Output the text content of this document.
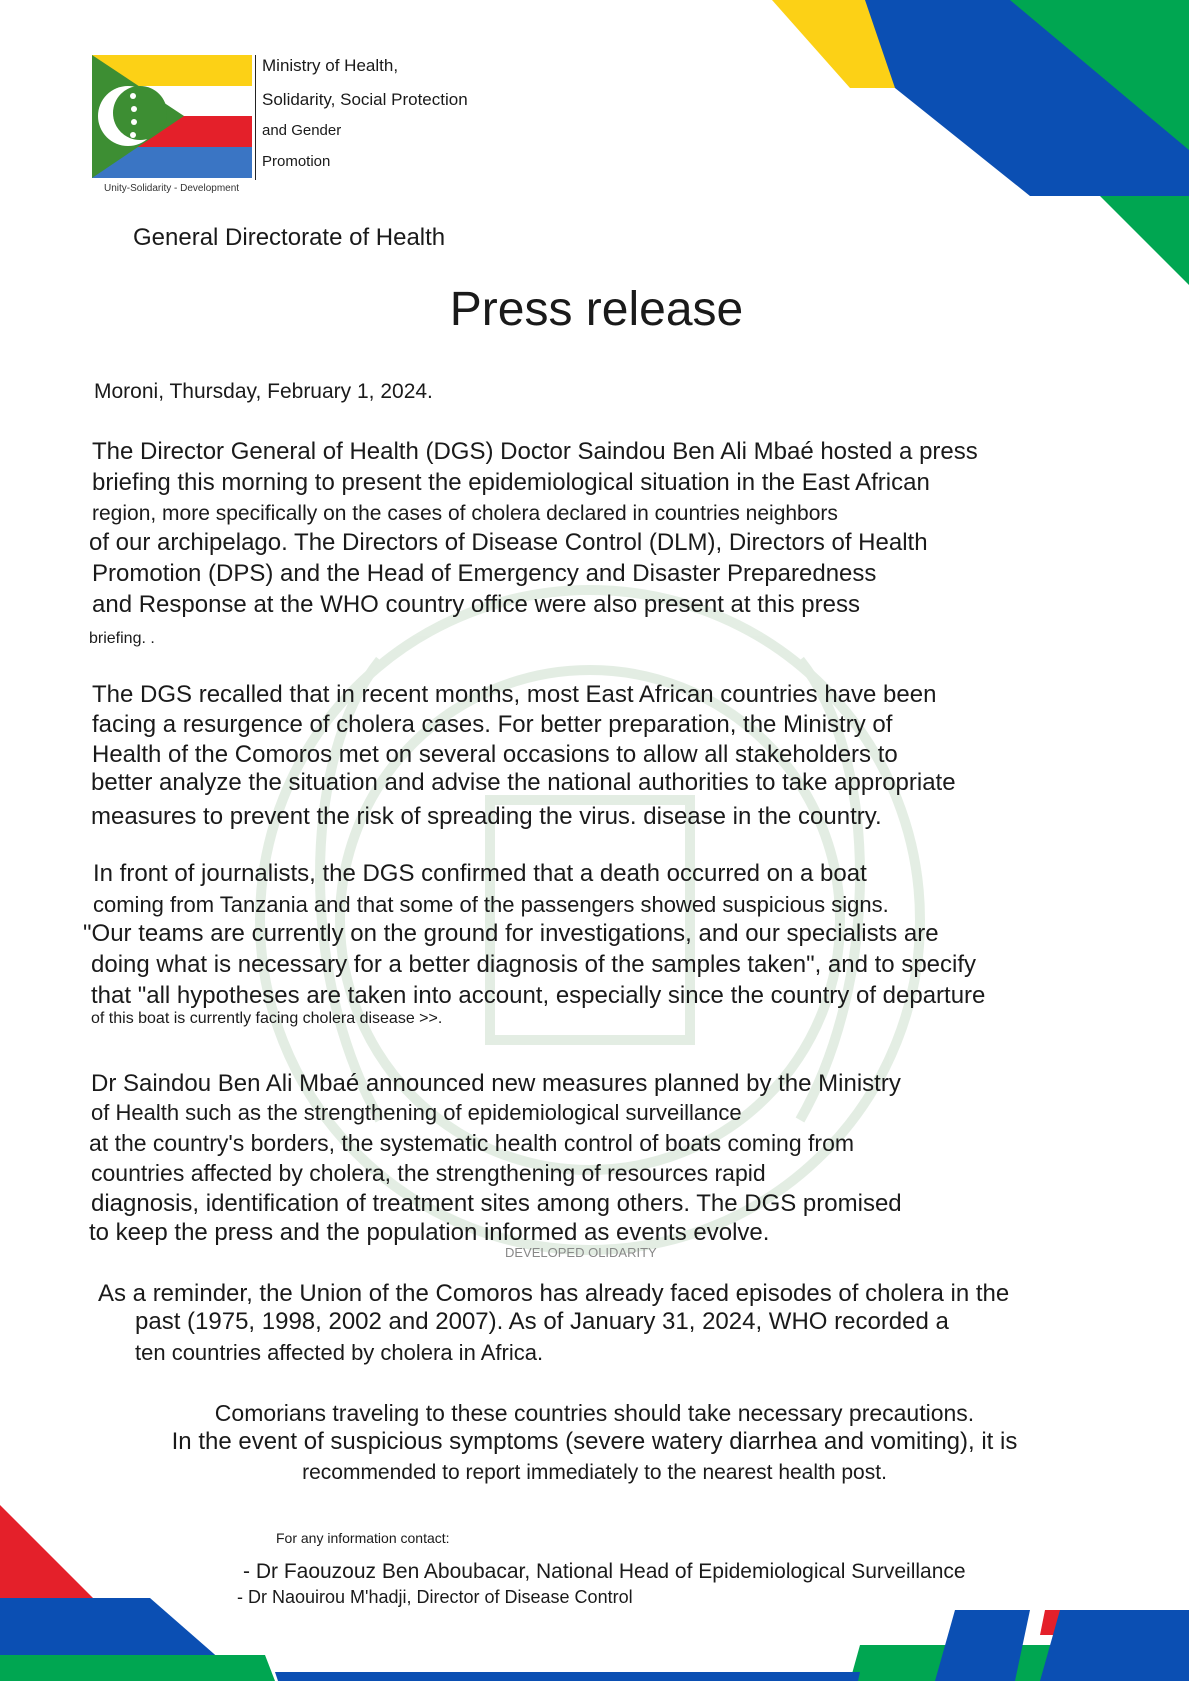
Ministry of Health,
Solidarity, Social Protection
and Gender
Promotion
Unity-Solidarity - Development
General Directorate of Health
Press release
Moroni, Thursday, February 1, 2024.
The Director General of Health (DGS) Doctor Saindou Ben Ali Mbaé hosted a press
briefing this morning to present the epidemiological situation in the East African
region, more specifically on the cases of cholera declared in countries neighbors
of our archipelago. The Directors of Disease Control (DLM), Directors of Health
Promotion (DPS) and the Head of Emergency and Disaster Preparedness
and Response at the WHO country office were also present at this press
briefing. .
The DGS recalled that in recent months, most East African countries have been
facing a resurgence of cholera cases. For better preparation, the Ministry of
Health of the Comoros met on several occasions to allow all stakeholders to
better analyze the situation and advise the national authorities to take appropriate
measures to prevent the risk of spreading the virus. disease in the country.
In front of journalists, the DGS confirmed that a death occurred on a boat
coming from Tanzania and that some of the passengers showed suspicious signs.
"Our teams are currently on the ground for investigations, and our specialists are
doing what is necessary for a better diagnosis of the samples taken", and to specify
that "all hypotheses are taken into account, especially since the country of departure
of this boat is currently facing cholera disease >>.
Dr Saindou Ben Ali Mbaé announced new measures planned by the Ministry
of Health such as the strengthening of epidemiological surveillance
at the country's borders, the systematic health control of boats coming from
countries affected by cholera, the strengthening of resources rapid
diagnosis, identification of treatment sites among others. The DGS promised
to keep the press and the population informed as events evolve.
DEVELOPED OLIDARITY
As a reminder, the Union of the Comoros has already faced episodes of cholera in the
past (1975, 1998, 2002 and 2007). As of January 31, 2024, WHO recorded a
ten countries affected by cholera in Africa.
Comorians traveling to these countries should take necessary precautions.
In the event of suspicious symptoms (severe watery diarrhea and vomiting), it is
recommended to report immediately to the nearest health post.
For any information contact:
- Dr Faouzouz Ben Aboubacar, National Head of Epidemiological Surveillance
- Dr Naouirou M'hadji, Director of Disease Control
